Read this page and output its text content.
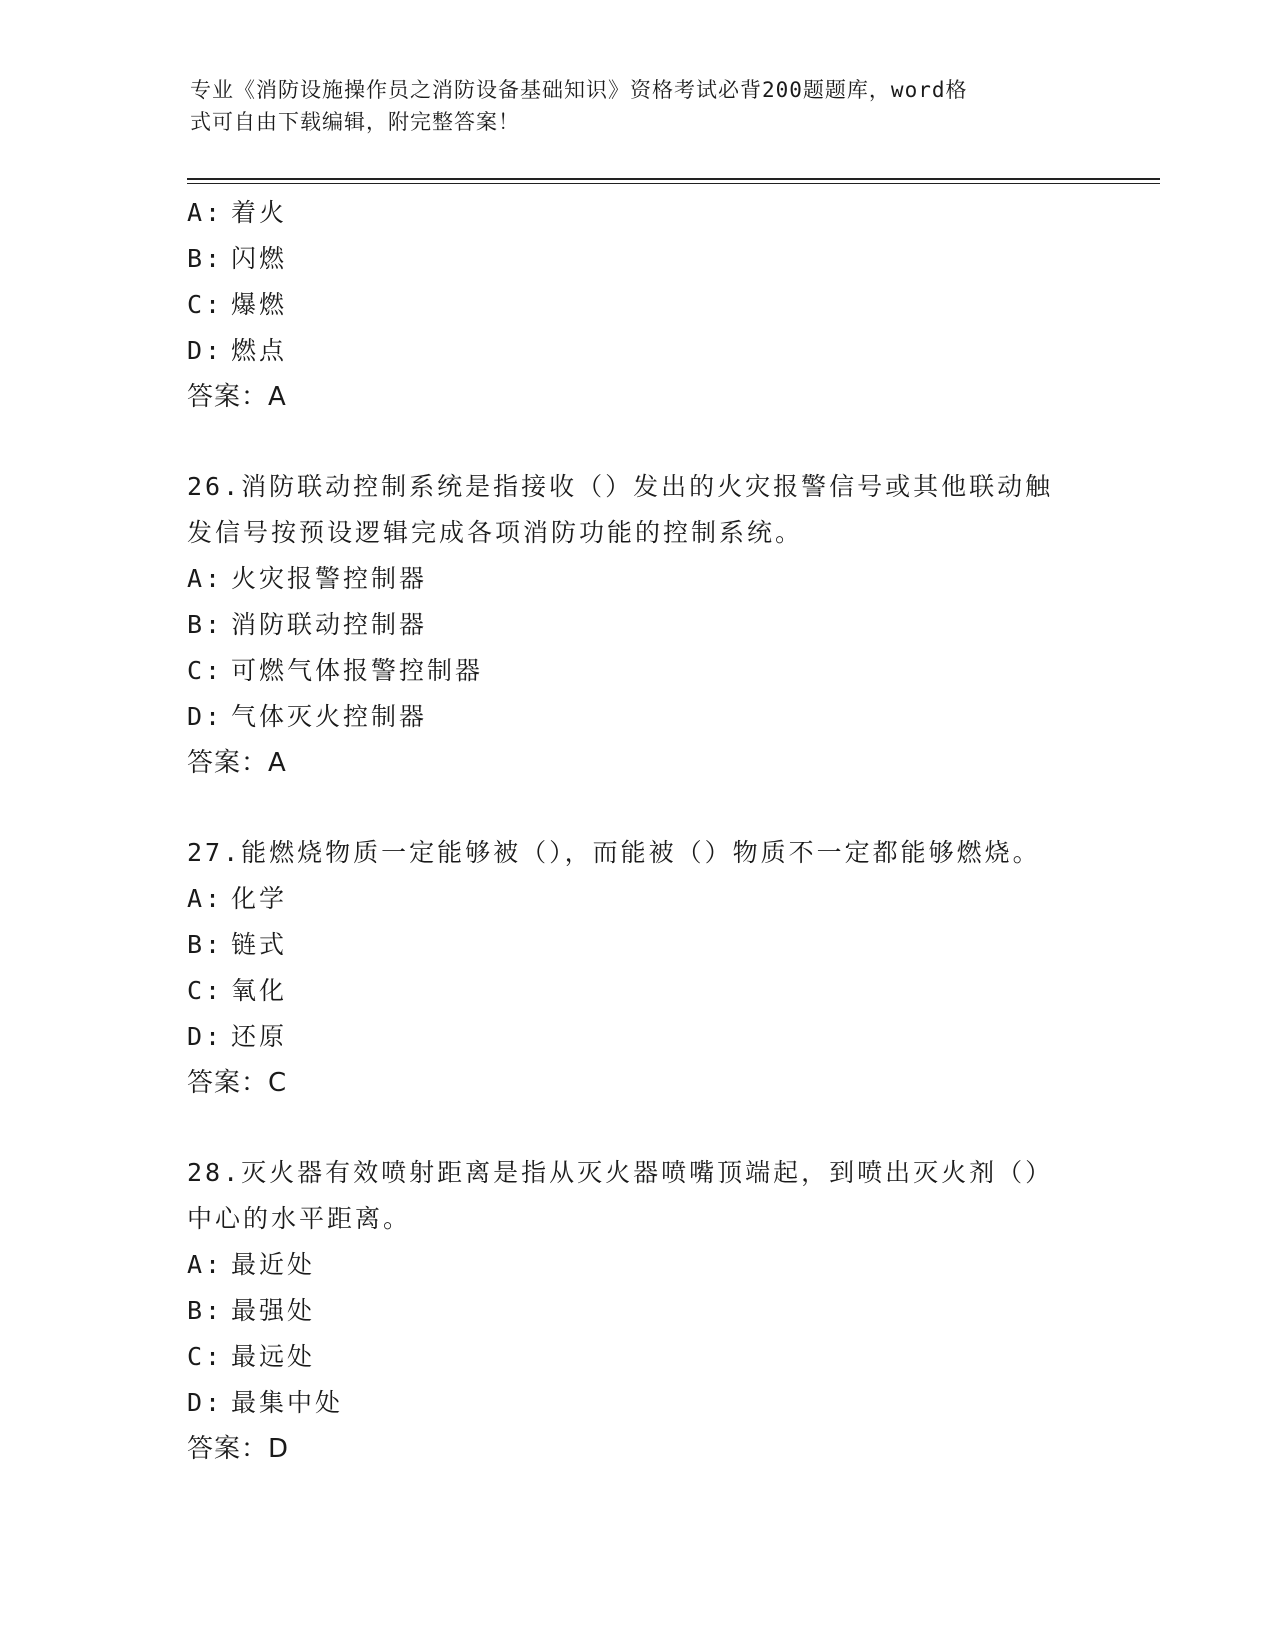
专业《消防设施操作员之消防设备基础知识》资格考试必背200题题库，word格
式可自由下载编辑，附完整答案！
A: 着火
B: 闪燃
C: 爆燃
D: 燃点
答案：A
26.消防联动控制系统是指接收（）发出的火灾报警信号或其他联动触
发信号按预设逻辑完成各项消防功能的控制系统。
A: 火灾报警控制器
B: 消防联动控制器
C: 可燃气体报警控制器
D: 气体灭火控制器
答案：A
27.能燃烧物质一定能够被（），而能被（）物质不一定都能够燃烧。
A: 化学
B: 链式
C: 氧化
D: 还原
答案：C
28.灭火器有效喷射距离是指从灭火器喷嘴顶端起，到喷出灭火剂（）
中心的水平距离。
A: 最近处
B: 最强处
C: 最远处
D: 最集中处
答案：D
